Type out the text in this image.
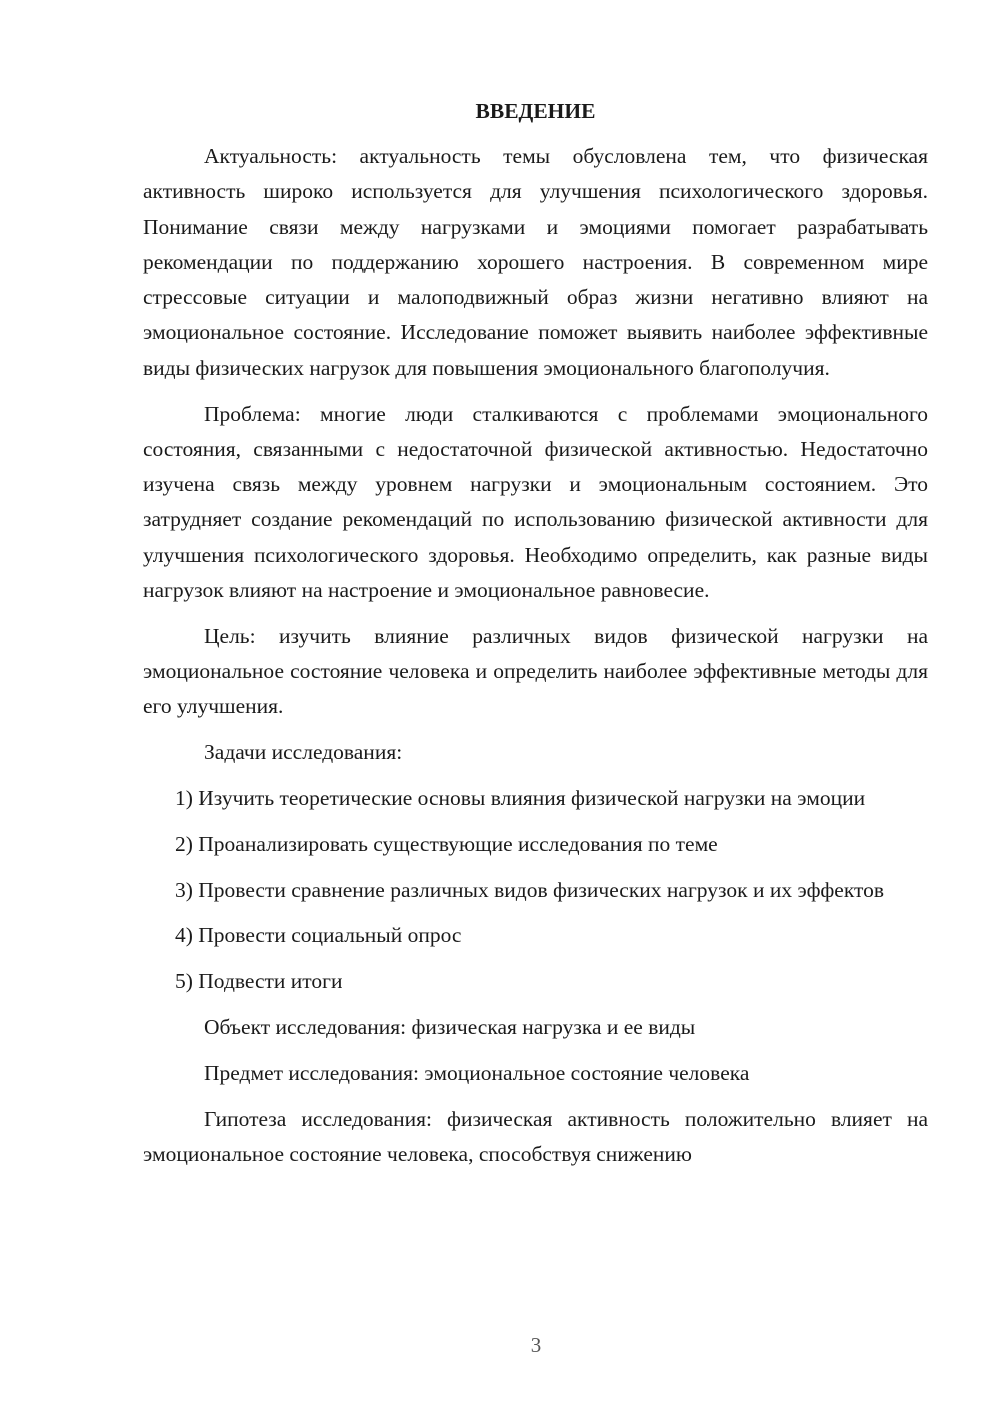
ВВЕДЕНИЕ

Актуальность: актуальность темы обусловлена тем, что физическая активность широко используется для улучшения психологического здоровья. Понимание связи между нагрузками и эмоциями помогает разрабатывать рекомендации по поддержанию хорошего настроения. В современном мире стрессовые ситуации и малоподвижный образ жизни негативно влияют на эмоциональное состояние. Исследование поможет выявить наиболее эффективные виды физических нагрузок для повышения эмоционального благополучия.

Проблема: многие люди сталкиваются с проблемами эмоционального состояния, связанными с недостаточной физической активностью. Недостаточно изучена связь между уровнем нагрузки и эмоциональным состоянием. Это затрудняет создание рекомендаций по использованию физической активности для улучшения психологического здоровья. Необходимо определить, как разные виды нагрузок влияют на настроение и эмоциональное равновесие.

Цель: изучить влияние различных видов физической нагрузки на эмоциональное состояние человека и определить наиболее эффективные методы для его улучшения.

Задачи исследования:

1) Изучить теоретические основы влияния физической нагрузки на эмоции

2) Проанализировать существующие исследования по теме

3) Провести сравнение различных видов физических нагрузок и их эффектов

4) Провести социальный опрос

5) Подвести итоги

Объект исследования: физическая нагрузка и ее виды

Предмет исследования: эмоциональное состояние человека

Гипотеза исследования: физическая активность положительно влияет на эмоциональное состояние человека, способствуя снижению

3
